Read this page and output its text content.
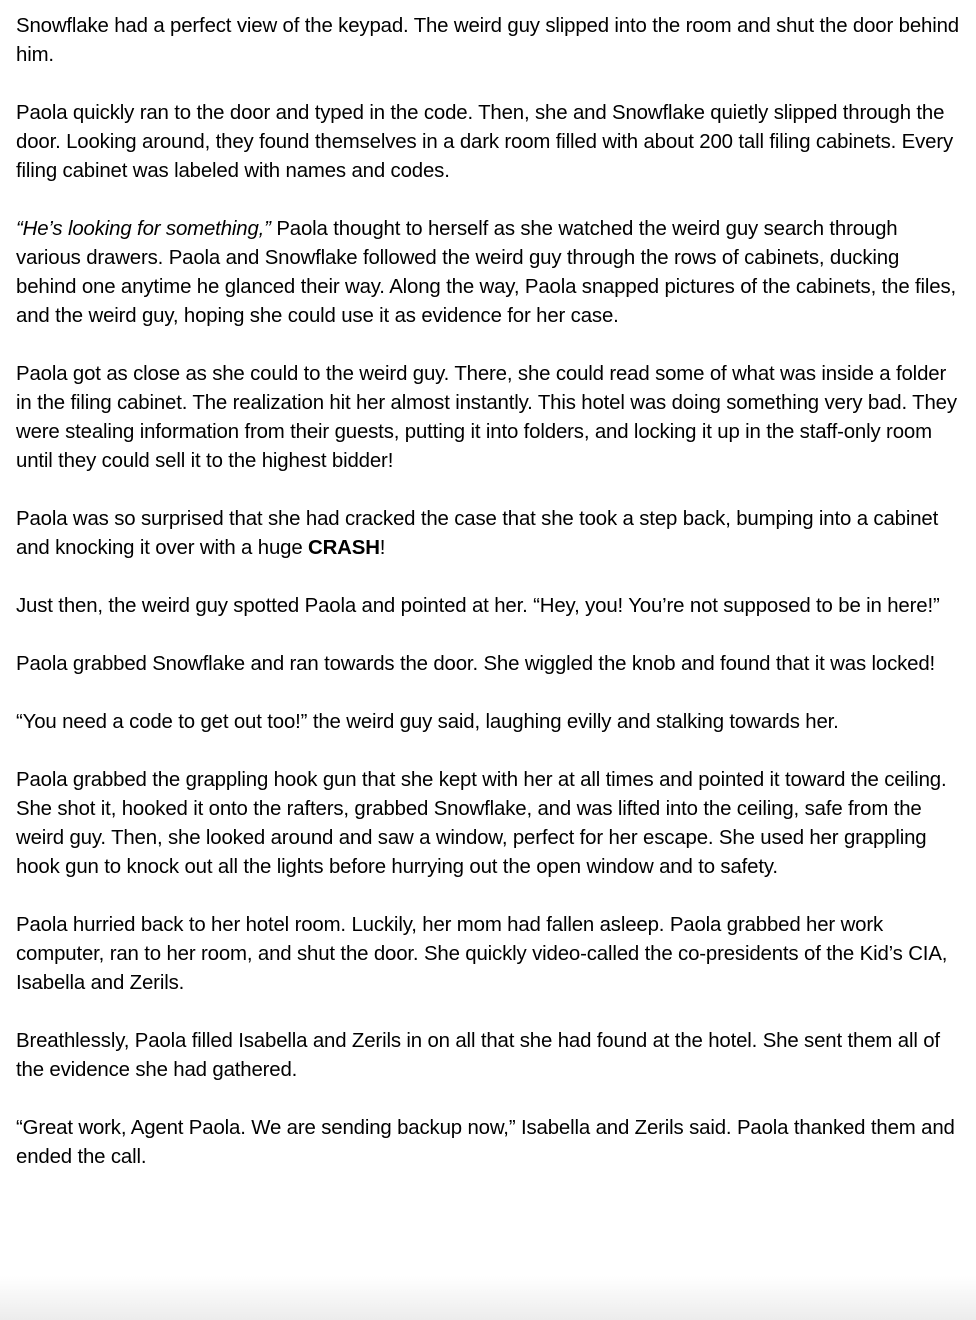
Snowflake had a perfect view of the keypad. The weird guy slipped into the room and shut the door behind him.

Paola quickly ran to the door and typed in the code. Then, she and Snowflake quietly slipped through the door. Looking around, they found themselves in a dark room filled with about 200 tall filing cabinets. Every filing cabinet was labeled with names and codes.

“He’s looking for something,” Paola thought to herself as she watched the weird guy search through various drawers. Paola and Snowflake followed the weird guy through the rows of cabinets, ducking behind one anytime he glanced their way. Along the way, Paola snapped pictures of the cabinets, the files, and the weird guy, hoping she could use it as evidence for her case.

Paola got as close as she could to the weird guy. There, she could read some of what was inside a folder in the filing cabinet. The realization hit her almost instantly. This hotel was doing something very bad. They were stealing information from their guests, putting it into folders, and locking it up in the staff-only room until they could sell it to the highest bidder!

Paola was so surprised that she had cracked the case that she took a step back, bumping into a cabinet and knocking it over with a huge CRASH!

Just then, the weird guy spotted Paola and pointed at her. “Hey, you! You’re not supposed to be in here!”

Paola grabbed Snowflake and ran towards the door. She wiggled the knob and found that it was locked!

“You need a code to get out too!” the weird guy said, laughing evilly and stalking towards her.

Paola grabbed the grappling hook gun that she kept with her at all times and pointed it toward the ceiling. She shot it, hooked it onto the rafters, grabbed Snowflake, and was lifted into the ceiling, safe from the weird guy. Then, she looked around and saw a window, perfect for her escape. She used her grappling hook gun to knock out all the lights before hurrying out the open window and to safety.

Paola hurried back to her hotel room. Luckily, her mom had fallen asleep. Paola grabbed her work computer, ran to her room, and shut the door. She quickly video-called the co-presidents of the Kid’s CIA, Isabella and Zerils.

Breathlessly, Paola filled Isabella and Zerils in on all that she had found at the hotel. She sent them all of the evidence she had gathered.

“Great work, Agent Paola. We are sending backup now,” Isabella and Zerils said. Paola thanked them and ended the call.
